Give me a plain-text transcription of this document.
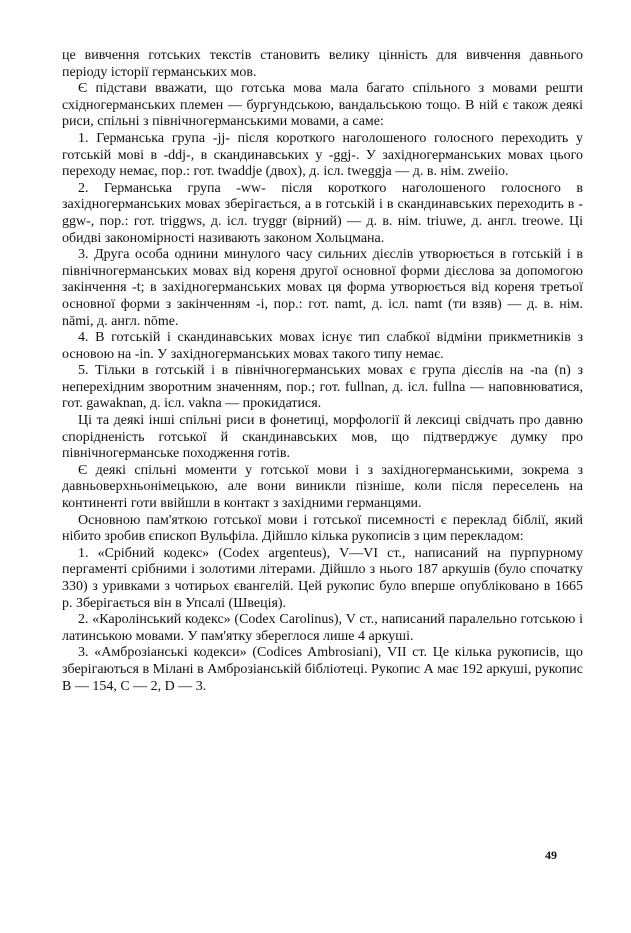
це вивчення готських текстів становить велику цінність для вивчення давнього періоду історії германських мов.

Є підстави вважати, що готська мова мала багато спільного з мовами решти східногерманських племен — бургундською, вандальською тощо. В ній є також деякі риси, спільні з північногерманськими мовами, а саме:

1. Германська група -jj- після короткого наголошеного голосного переходить у готській мові в -ddj-, в скандинавських у -ggj-. У західногерманських мовах цього переходу немає, пор.: гот. twaddje (двох), д. ісл. tweggja — д. в. нім. zweiio.

2. Германська група -ww- після короткого наголошеного голосного в західногерманських мовах зберігається, а в готській і в скандинавських переходить в -ggw-, пор.: гот. triggws, д. ісл. tryggr (вірний) — д. в. нім. triuwe, д. англ. treowe. Ці обидві закономірності називають законом Хольцмана.

3. Друга особа однини минулого часу сильних дієслів утворюється в готській і в північногерманських мовах від кореня другої основної форми дієслова за допомогою закінчення -t; в західногерманських мовах ця форма утворюється від кореня третьої основної форми з закінченням -i, пор.: гот. namt, д. ісл. namt (ти взяв) — д. в. нім. nāmi, д. англ. nōme.

4. В готській і скандинавських мовах існує тип слабкої відміни прикметників з основою на -in. У західногерманських мовах такого типу немає.

5. Тільки в готській і в північногерманських мовах є група дієслів на -na (n) з неперехідним зворотним значенням, пор.; гот. fullnan, д. ісл. fullna — наповнюватися, гот. gawaknan, д. ісл. vakna — прокидатися.

Ці та деякі інші спільні риси в фонетиці, морфології й лексиці свідчать про давню спорідненість готської й скандинавських мов, що підтверджує думку про північногерманське походження готів.

Є деякі спільні моменти у готської мови і з західногерманськими, зокрема з давньоверхньонімецькою, але вони виникли пізніше, коли після переселень на континенті готи ввійшли в контакт з західними германцями.

Основною пам'яткою готської мови і готської писемності є переклад біблії, який нібито зробив єпископ Вульфіла. Дійшло кілька рукописів з цим перекладом:

1. «Срібний кодекс» (Codex argenteus), V—VI ст., написаний на пурпурному пергаменті срібними і золотими літерами. Дійшло з нього 187 аркушів (було спочатку 330) з уривками з чотирьох євангелій. Цей рукопис було вперше опубліковано в 1665 р. Зберігається він в Упсалі (Швеція).

2. «Каролінський кодекс» (Codex Carolinus), V ст., написаний паралельно готською і латинською мовами. У пам'ятку збереглося лише 4 аркуші.

3. «Амброзіанські кодекси» (Codices Ambrosiani), VII ст. Це кілька рукописів, що зберігаються в Мілані в Амброзіанській бібліотеці. Рукопис А має 192 аркуші, рукопис В — 154, С — 2, D — 3.

49
